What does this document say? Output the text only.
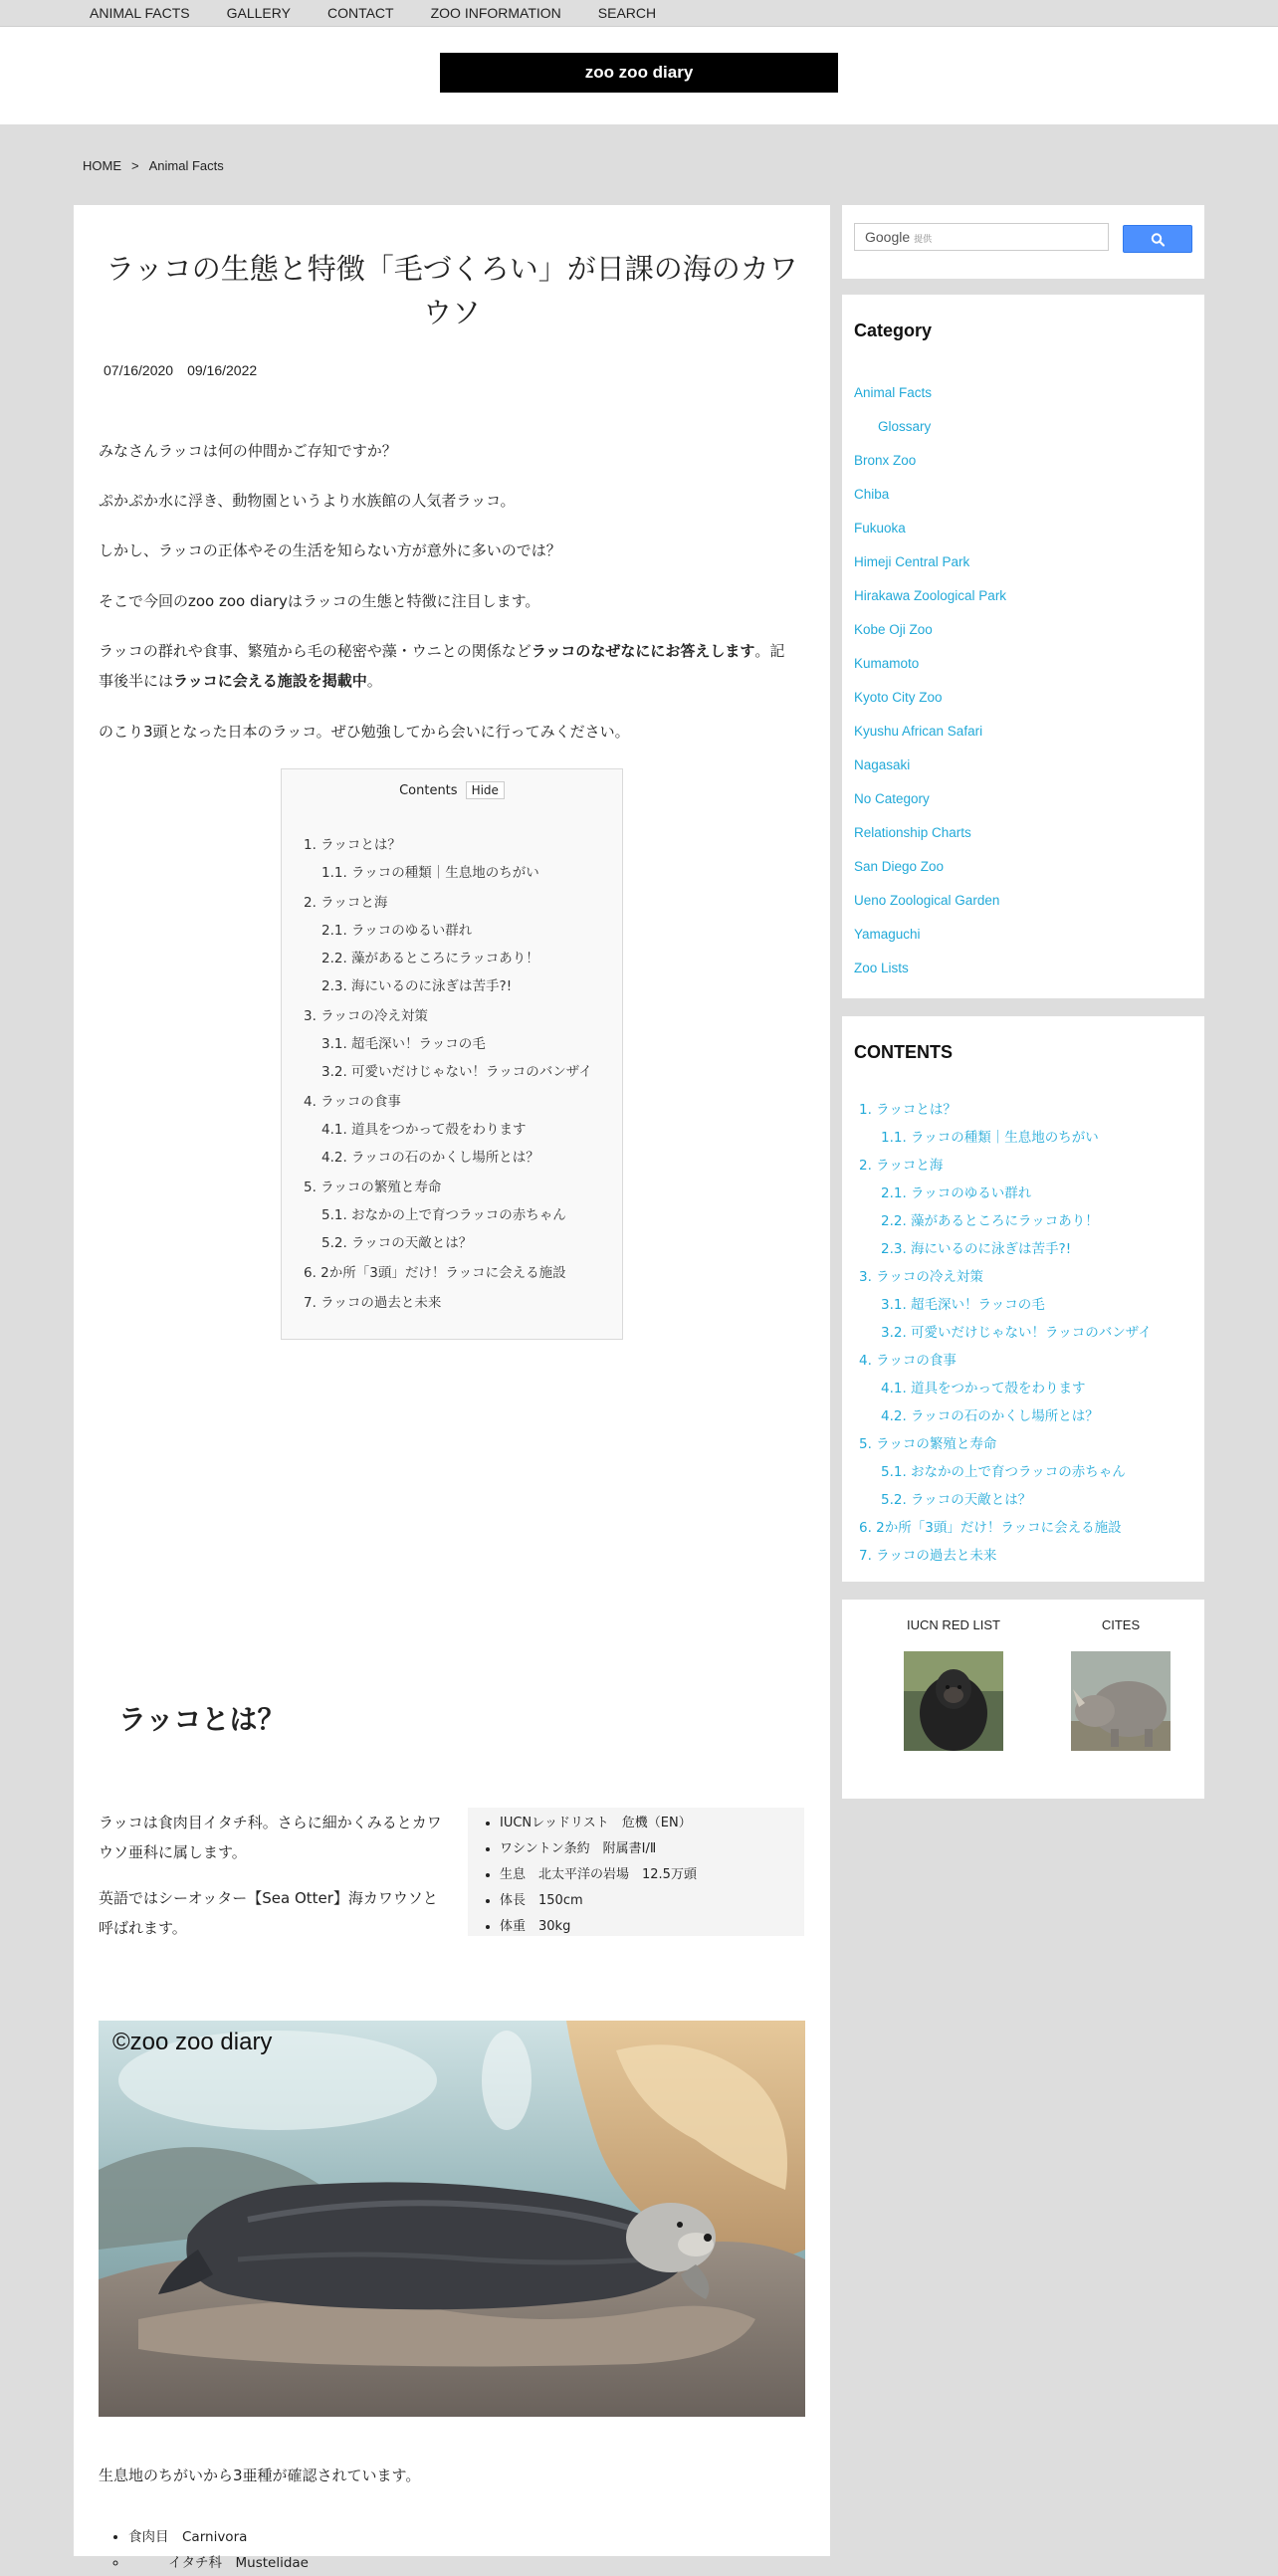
ANIMAL FACTS	GALLERY	CONTACT	ZOO INFORMATION	SEARCH
zoo zoo diary
HOME > Animal Facts
ラッコの生態と特徴「毛づくろい」が日課の海のカワウソ
07/16/2020 09/16/2022

みなさんラッコは何の仲間かご存知ですか？

ぷかぷか水に浮き、動物園というより水族館の人気者ラッコ。

しかし、ラッコの正体やその生活を知らない方が意外に多いのでは？

そこで今回のzoo zoo diaryはラッコの生態と特徴に注目します。

ラッコの群れや食事、繁殖から毛の秘密や藻・ウニとの関係などラッコのなぜなににお答えします。記事後半にはラッコに会える施設を掲載中。

のこり3頭となった日本のラッコ。ぜひ勉強してから会いに行ってみください。

Contents Hide
1. ラッコとは？
1.1. ラッコの種類｜生息地のちがい
2. ラッコと海
2.1. ラッコのゆるい群れ
2.2. 藻があるところにラッコあり！
2.3. 海にいるのに泳ぎは苦手?!
3. ラッコの冷え対策
3.1. 超毛深い！ラッコの毛
3.2. 可愛いだけじゃない！ラッコのバンザイ
4. ラッコの食事
4.1. 道具をつかって殻をわります
4.2. ラッコの石のかくし場所とは？
5. ラッコの繁殖と寿命
5.1. おなかの上で育つラッコの赤ちゃん
5.2. ラッコの天敵とは？
6. 2か所「3頭」だけ！ラッコに会える施設
7. ラッコの過去と未来
ラッコとは？

ラッコは食肉目イタチ科。さらに細かくみるとカワウソ亜科に属します。

英語ではシーオッター【Sea Otter】海カワウソと呼ばれます。

• IUCNレッドリスト　危機（EN）
• ワシントン条約　附属書Ⅰ/Ⅱ
• 生息　北太平洋の岩場　12.5万頭
• 体長　150cm
• 体重　30kg
©zoo zoo diary

生息地のちがいから3亜種が確認されています。

• 食肉目　Carnivora
◦ イタチ科　Mustelidae
Google 提供
Category
Animal Facts
Glossary
Bronx Zoo
Chiba
Fukuoka
Himeji Central Park
Hirakawa Zoological Park
Kobe Oji Zoo
Kumamoto
Kyoto City Zoo
Kyushu African Safari
Nagasaki
No Category
Relationship Charts
San Diego Zoo
Ueno Zoological Garden
Yamaguchi
Zoo Lists
CONTENTS
1. ラッコとは？
1.1. ラッコの種類｜生息地のちがい
2. ラッコと海
2.1. ラッコのゆるい群れ
2.2. 藻があるところにラッコあり！
2.3. 海にいるのに泳ぎは苦手?!
3. ラッコの冷え対策
3.1. 超毛深い！ラッコの毛
3.2. 可愛いだけじゃない！ラッコのバンザイ
4. ラッコの食事
4.1. 道具をつかって殻をわります
4.2. ラッコの石のかくし場所とは？
5. ラッコの繁殖と寿命
5.1. おなかの上で育つラッコの赤ちゃん
5.2. ラッコの天敵とは？
6. 2か所「3頭」だけ！ラッコに会える施設
7. ラッコの過去と未来
IUCN RED LIST	CITES
